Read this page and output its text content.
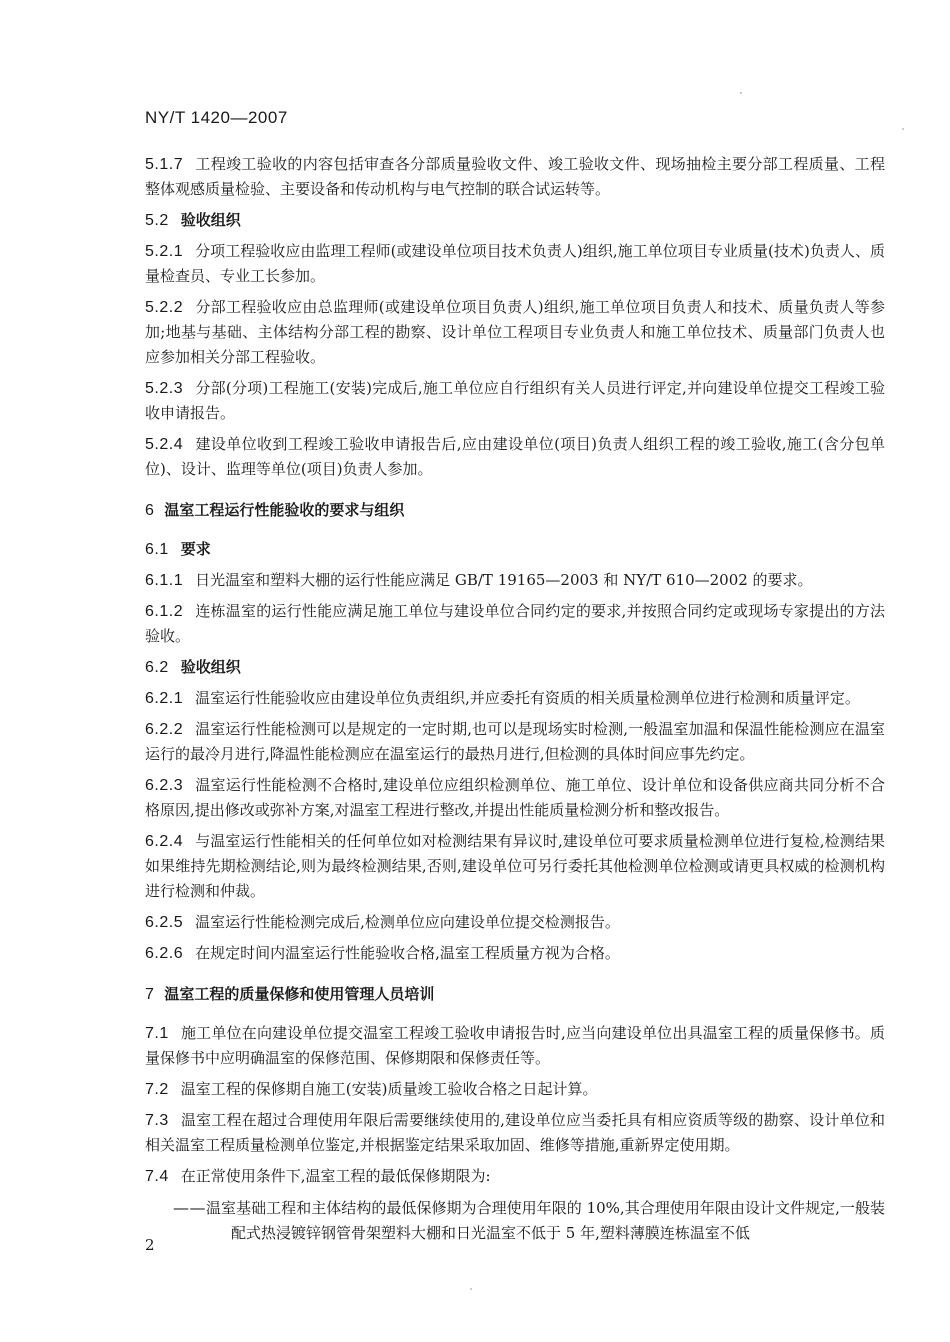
NY/T 1420—2007
5.1.7 工程竣工验收的内容包括审查各分部质量验收文件、竣工验收文件、现场抽检主要分部工程质量、工程整体观感质量检验、主要设备和传动机构与电气控制的联合试运转等。
5.2 验收组织
5.2.1 分项工程验收应由监理工程师(或建设单位项目技术负责人)组织,施工单位项目专业质量(技术)负责人、质量检查员、专业工长参加。
5.2.2 分部工程验收应由总监理师(或建设单位项目负责人)组织,施工单位项目负责人和技术、质量负责人等参加;地基与基础、主体结构分部工程的勘察、设计单位工程项目专业负责人和施工单位技术、质量部门负责人也应参加相关分部工程验收。
5.2.3 分部(分项)工程施工(安装)完成后,施工单位应自行组织有关人员进行评定,并向建设单位提交工程竣工验收申请报告。
5.2.4 建设单位收到工程竣工验收申请报告后,应由建设单位(项目)负责人组织工程的竣工验收,施工(含分包单位)、设计、监理等单位(项目)负责人参加。
6 温室工程运行性能验收的要求与组织
6.1 要求
6.1.1 日光温室和塑料大棚的运行性能应满足 GB/T 19165—2003 和 NY/T 610—2002 的要求。
6.1.2 连栋温室的运行性能应满足施工单位与建设单位合同约定的要求,并按照合同约定或现场专家提出的方法验收。
6.2 验收组织
6.2.1 温室运行性能验收应由建设单位负责组织,并应委托有资质的相关质量检测单位进行检测和质量评定。
6.2.2 温室运行性能检测可以是规定的一定时期,也可以是现场实时检测,一般温室加温和保温性能检测应在温室运行的最冷月进行,降温性能检测应在温室运行的最热月进行,但检测的具体时间应事先约定。
6.2.3 温室运行性能检测不合格时,建设单位应组织检测单位、施工单位、设计单位和设备供应商共同分析不合格原因,提出修改或弥补方案,对温室工程进行整改,并提出性能质量检测分析和整改报告。
6.2.4 与温室运行性能相关的任何单位如对检测结果有异议时,建设单位可要求质量检测单位进行复检,检测结果如果维持先期检测结论,则为最终检测结果,否则,建设单位可另行委托其他检测单位检测或请更具权威的检测机构进行检测和仲裁。
6.2.5 温室运行性能检测完成后,检测单位应向建设单位提交检测报告。
6.2.6 在规定时间内温室运行性能验收合格,温室工程质量方视为合格。
7 温室工程的质量保修和使用管理人员培训
7.1 施工单位在向建设单位提交温室工程竣工验收申请报告时,应当向建设单位出具温室工程的质量保修书。质量保修书中应明确温室的保修范围、保修期限和保修责任等。
7.2 温室工程的保修期自施工(安装)质量竣工验收合格之日起计算。
7.3 温室工程在超过合理使用年限后需要继续使用的,建设单位应当委托具有相应资质等级的勘察、设计单位和相关温室工程质量检测单位鉴定,并根据鉴定结果采取加固、维修等措施,重新界定使用期。
7.4 在正常使用条件下,温室工程的最低保修期限为:
——温室基础工程和主体结构的最低保修期为合理使用年限的 10%,其合理使用年限由设计文件规定,一般装配式热浸镀锌钢管骨架塑料大棚和日光温室不低于 5 年,塑料薄膜连栋温室不低
2
